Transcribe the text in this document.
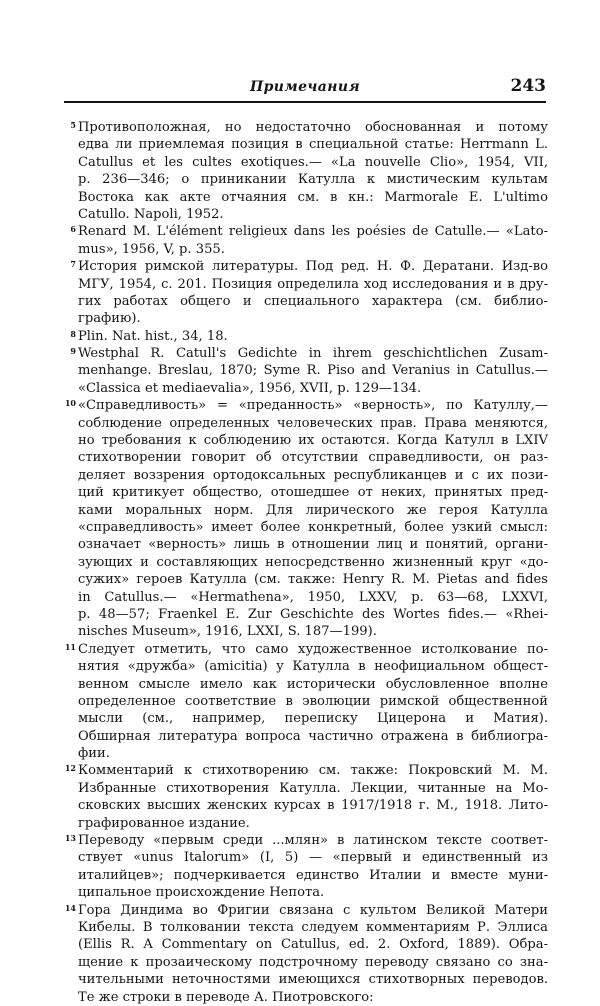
Примечания	243
5 Противоположная, но недостаточно обоснованная и потому
едва ли приемлемая позиция в специальной статье: Herrmann L.
Catullus et les cultes exotiques.— «La nouvelle Clio», 1954, VII,
p. 236—346; о приникании Катулла к мистическим культам
Востока как акте отчаяния см. в кн.: Marmorale E. L'ultimo
Catullo. Napoli, 1952.
6 Renard M. L'élément religieux dans les poésies de Catulle.— «Lato-
mus», 1956, V, p. 355.
7 История римской литературы. Под ред. Н. Ф. Дератани. Изд-во
МГУ, 1954, с. 201. Позиция определила ход исследования и в дру-
гих работах общего и специального характера (см. библио-
графию).
8 Plin. Nat. hist., 34, 18.
9 Westphal R. Catull's Gedichte in ihrem geschichtlichen Zusam-
menhange. Breslau, 1870; Syme R. Piso and Veranius in Catullus.—
«Classica et mediaevalia», 1956, XVII, p. 129—134.
10 «Справедливость» = «преданность» «верность», по Катуллу,—
соблюдение определенных человеческих прав. Права меняются,
но требования к соблюдению их остаются. Когда Катулл в LXIV
стихотворении говорит об отсутствии справедливости, он раз-
деляет воззрения ортодоксальных республиканцев и с их пози-
ций критикует общество, отошедшее от неких, принятых пред-
ками моральных норм. Для лирического же героя Катулла
«справедливость» имеет более конкретный, более узкий смысл:
означает «верность» лишь в отношении лиц и понятий, органи-
зующих и составляющих непосредственно жизненный круг «до-
сужих» героев Катулла (см. также: Henry R. M. Pietas and fides
in Catullus.— «Hermathena», 1950, LXXV, p. 63—68, LXXVI,
p. 48—57; Fraenkel E. Zur Geschichte des Wortes fides.— «Rhei-
nisches Museum», 1916, LXXI, S. 187—199).
11 Следует отметить, что само художественное истолкование по-
нятия «дружба» (amicitia) у Катулла в неофициальном общест-
венном смысле имело как исторически обусловленное вполне
определенное соответствие в эволюции римской общественной
мысли (см., например, переписку Цицерона и Матия).
Обширная литература вопроса частично отражена в библиогра-
фии.
12 Комментарий к стихотворению см. также: Покровский М. М.
Избранные стихотворения Катулла. Лекции, читанные на Мо-
сковских высших женских курсах в 1917/1918 г. М., 1918. Лито-
графированное издание.
13 Переводу «первым среди ...млян» в латинском тексте соответ-
ствует «unus Italorum» (I, 5) — «первый и единственный из
италийцев»; подчеркивается единство Италии и вместе муни-
ципальное происхождение Непота.
14 Гора Диндима во Фригии связана с культом Великой Матери
Кибелы. В толковании текста следуем комментариям Р. Эллиса
(Ellis R. A Commentary on Catullus, ed. 2. Oxford, 1889). Обра-
щение к прозаическому подстрочному переводу связано со зна-
чительными неточностями имеющихся стихотворных переводов.
Те же строки в переводе А. Пиотровского:
